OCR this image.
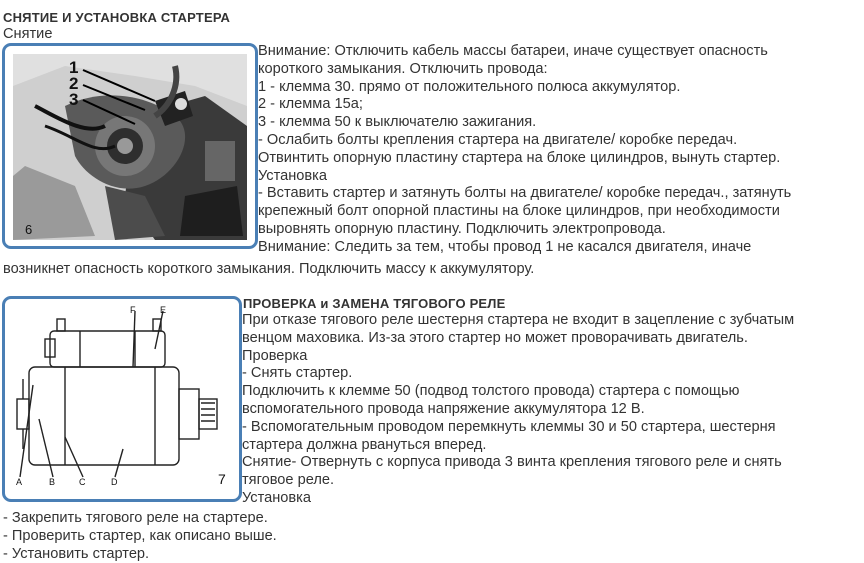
СНЯТИЕ И УСТАНОВКА СТАРТЕРА
Снятие
1
2
3
6
Внимание: Отключить кабель массы батареи, иначе существует опасность
короткого замыкания. Отключить провода:
1 - клемма 30. прямо от положительного полюса аккумулятор.
2 - клемма 15а;
3 - клемма 50 к выключателю зажигания.
- Ослабить болты крепления стартера на двигателе/ коробке передач.
Отвинтить опорную пластину стартера на блоке цилиндров, вынуть стартер.
Установка
- Вставить стартер и затянуть болты на двигателе/ коробке передач., затянуть
крепежный болт опорной пластины на блоке цилиндров, при необходимости
выровнять опорную пластину. Подключить электропровода.
Внимание: Следить за тем, чтобы провод 1 не касался двигателя, иначе
возникнет опасность короткого замыкания. Подключить массу к аккумулятору.
F	E
A	B	C	D	7
ПРОВЕРКА и ЗАМЕНА ТЯГОВОГО РЕЛЕ
При отказе тягового реле шестерня стартера не входит в зацепление с зубчатым
венцом маховика. Из-за этого стартер но может проворачивать двигатель.
Проверка
- Снять стартер.
Подключить к клемме 50 (подвод толстого провода) стартера с помощью
вспомогательного провода напряжение аккумулятора 12 В.
- Вспомогательным проводом перемкнуть клеммы 30 и 50 стартера, шестерня
стартера должна рвануться вперед.
Снятие- Отвернуть с корпуса привода 3 винта крепления тягового реле и снять
тяговое реле.
Установка
- Закрепить тягового реле на стартере.
- Проверить стартер, как описано выше.
- Установить стартер.
